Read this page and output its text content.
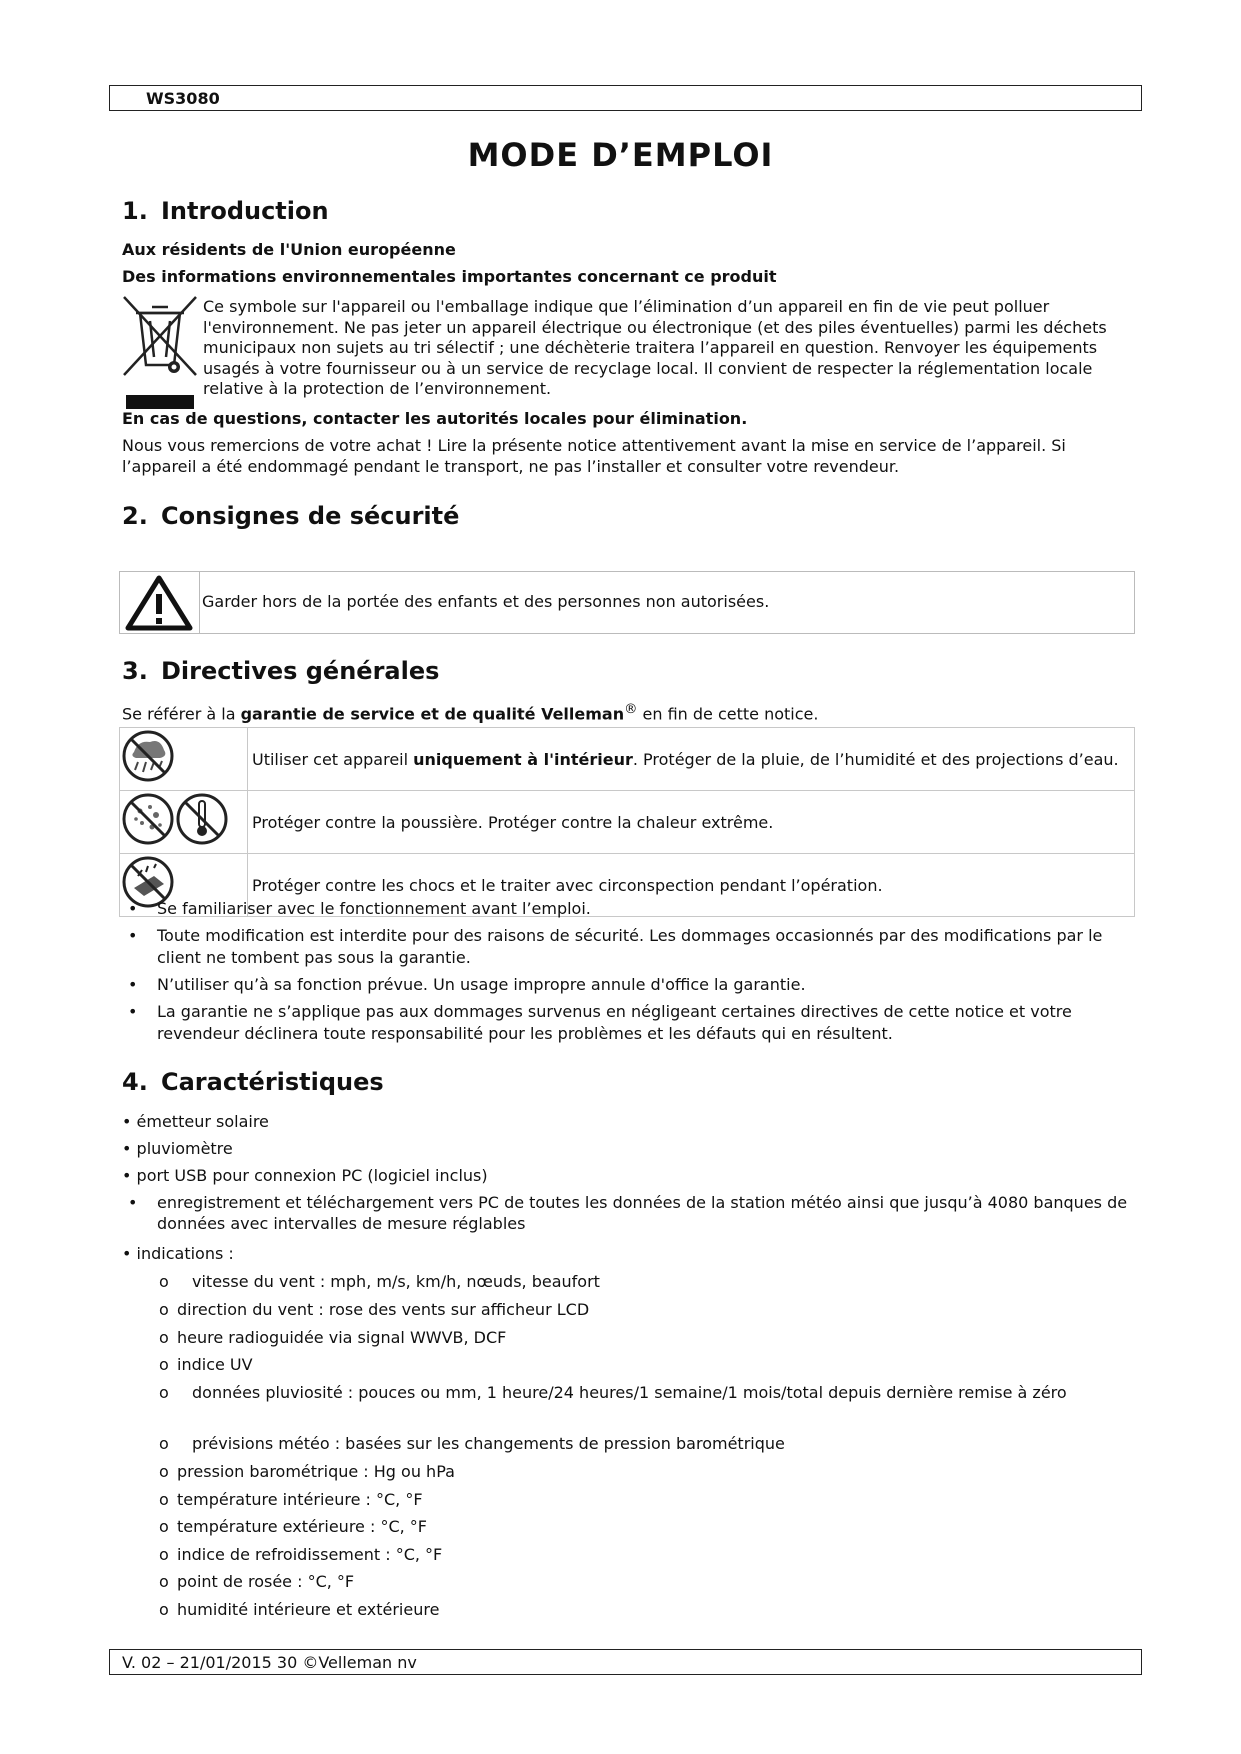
WS3080
MODE D’EMPLOI
1. Introduction
Aux résidents de l'Union européenne
Des informations environnementales importantes concernant ce produit
Ce symbole sur l'appareil ou l'emballage indique que l’élimination d’un appareil en fin de vie peut polluer l'environnement. Ne pas jeter un appareil électrique ou électronique (et des piles éventuelles) parmi les déchets municipaux non sujets au tri sélectif ; une déchèterie traitera l’appareil en question. Renvoyer les équipements usagés à votre fournisseur ou à un service de recyclage local. Il convient de respecter la réglementation locale relative à la protection de l’environnement.
En cas de questions, contacter les autorités locales pour élimination.
Nous vous remercions de votre achat ! Lire la présente notice attentivement avant la mise en service de l’appareil. Si l’appareil a été endommagé pendant le transport, ne pas l’installer et consulter votre revendeur.
2. Consignes de sécurité
Garder hors de la portée des enfants et des personnes non autorisées.
3. Directives générales
Se référer à la garantie de service et de qualité Velleman® en fin de cette notice.
	Utiliser cet appareil uniquement à l'intérieur. Protéger de la pluie, de l’humidité et des projections d’eau.
	Protéger contre la poussière. Protéger contre la chaleur extrême.
	Protéger contre les chocs et le traiter avec circonspection pendant l’opération.
• Se familiariser avec le fonctionnement avant l’emploi.
• Toute modification est interdite pour des raisons de sécurité. Les dommages occasionnés par des modifications par le client ne tombent pas sous la garantie.
• N’utiliser qu’à sa fonction prévue. Un usage impropre annule d'office la garantie.
• La garantie ne s’applique pas aux dommages survenus en négligeant certaines directives de cette notice et votre revendeur déclinera toute responsabilité pour les problèmes et les défauts qui en résultent.
4. Caractéristiques
• émetteur solaire
• pluviomètre
• port USB pour connexion PC (logiciel inclus)
•	enregistrement et téléchargement vers PC de toutes les données de la station météo ainsi que jusqu’à 4080 banques de données avec intervalles de mesure réglables
• indications :
o vitesse du vent : mph, m/s, km/h, nœuds, beaufort
o direction du vent : rose des vents sur afficheur LCD
o heure radioguidée via signal WWVB, DCF
o indice UV
o	données pluviosité : pouces ou mm, 1 heure/24 heures/1 semaine/1 mois/total depuis dernière remise à zéro
o prévisions météo : basées sur les changements de pression barométrique
o pression barométrique : Hg ou hPa
o température intérieure : °C, °F
o température extérieure : °C, °F
o indice de refroidissement : °C, °F
o point de rosée : °C, °F
o humidité intérieure et extérieure
V. 02 – 21/01/2015 30 ©Velleman nv
